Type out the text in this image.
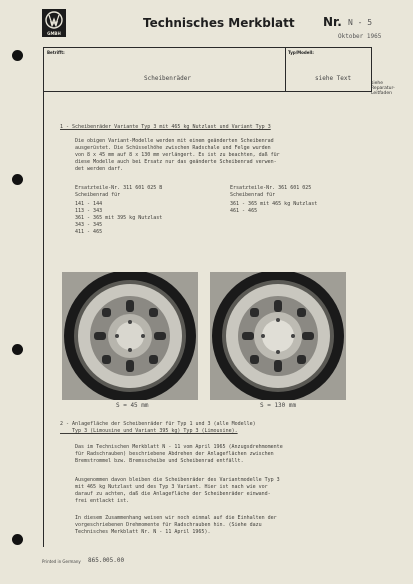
GMBH
Technisches Merkblatt Nr. N - 5
Oktober 1965
Betrifft:
Scheibenräder
Typ/Modell:
siehe Text
siehe
Reparatur-
Leitfaden
1 - Scheibenräder Variante Typ 3 mit 465 kg Nutzlast und Variant Typ 3
Die obigen Variant-Modelle werden mit einem geänderten Scheibenrad
ausgerüstet. Die Schüsselhöhe zwischen Radschale und Felge wurden
von 8 x 45 mm auf 8 x 130 mm verlängert. Es ist zu beachten, daß für
diese Modelle auch bei Ersatz nur das geänderte Scheibenrad verwen-
det werden darf.
Ersatzteile-Nr. 311 601 025 B
Scheibenrad für
141 - 144
113 - 343
361 - 365 mit 395 kg Nutzlast
343 - 345
411 - 465
Ersatzteile-Nr. 361 601 025
Scheibenrad für
361 - 365 mit 465 kg Nutzlast
461 - 465
S = 45 mm	S = 130 mm
2 - Anlagefläche der Scheibenräder für Typ 1 und 3 (alle Modelle)
Typ 3 (Limousine und Variant 395 kg) Typ 3 (Limousine).
Das im Technischen Merkblatt N - 11 vom April 1965 (Anzugsdrehmomente
für Radschrauben) beschriebene Abdrehen der Anlageflächen zwischen
Bremstrommel bzw. Bremsscheibe und Scheibenrad entfällt.
Ausgenommen davon bleiben die Scheibenräder des Variantmodelle Typ 3
mit 465 kg Nutzlast und des Typ 3 Variant. Hier ist nach wie vor
darauf zu achten, daß die Anlagefläche der Scheibenräder einwand-
frei entlackt ist.
In diesem Zusammenhang weisen wir noch einmal auf die Einhalten der
vorgeschriebenen Drehmomente für Radschrauben hin. (Siehe dazu
Technisches Merkblatt Nr. N - 11 April 1965).
Printed in Germany 865.005.00
